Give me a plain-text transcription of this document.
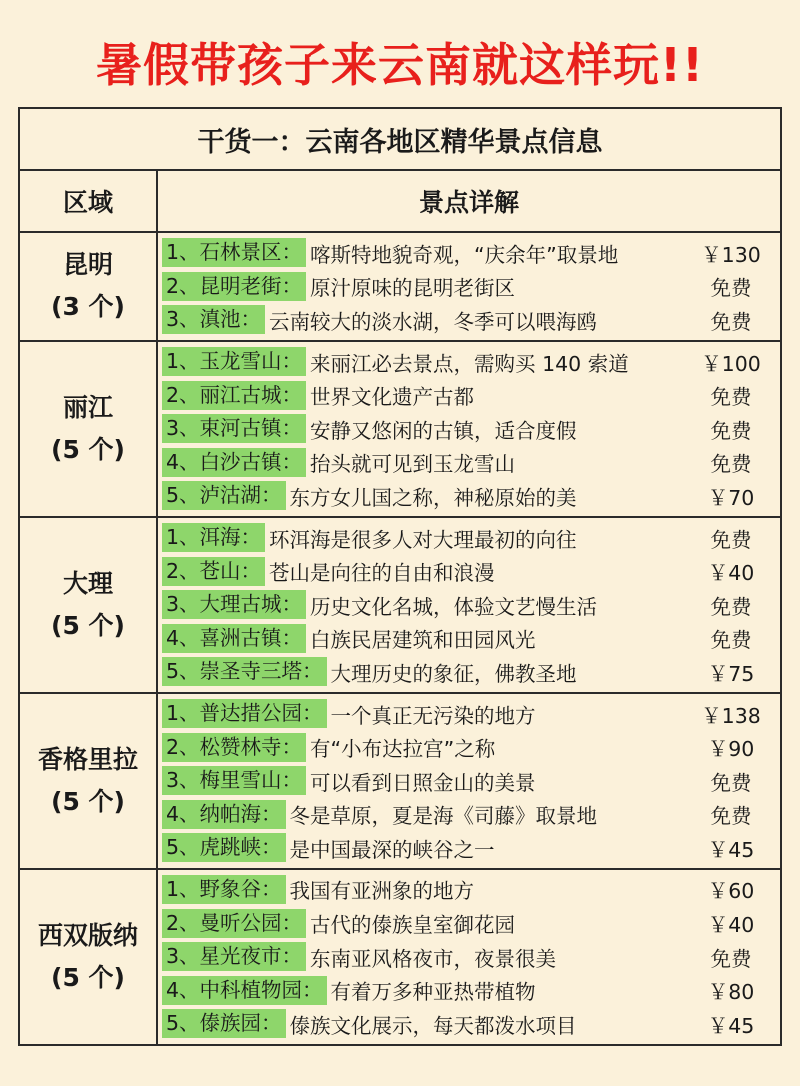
暑假带孩子来云南就这样玩!!
干货一：云南各地区精华景点信息
区域	景点详解
昆明
(3 个)
1、石林景区： 喀斯特地貌奇观，“庆余年”取景地	￥130
2、昆明老街： 原汁原味的昆明老街区	免费
3、滇池： 云南较大的淡水湖，冬季可以喂海鸥	免费
丽江
(5 个)
1、玉龙雪山： 来丽江必去景点，需购买 140 索道	￥100
2、丽江古城： 世界文化遗产古都	免费
3、束河古镇： 安静又悠闲的古镇，适合度假	免费
4、白沙古镇： 抬头就可见到玉龙雪山	免费
5、泸沽湖： 东方女儿国之称，神秘原始的美	￥70
大理
(5 个)
1、洱海： 环洱海是很多人对大理最初的向往	免费
2、苍山： 苍山是向往的自由和浪漫	￥40
3、大理古城： 历史文化名城，体验文艺慢生活	免费
4、喜洲古镇： 白族民居建筑和田园风光	免费
5、崇圣寺三塔： 大理历史的象征，佛教圣地	￥75
香格里拉
(5 个)
1、普达措公园： 一个真正无污染的地方	￥138
2、松赞林寺： 有“小布达拉宫”之称	￥90
3、梅里雪山： 可以看到日照金山的美景	免费
4、纳帕海： 冬是草原，夏是海《司藤》取景地	免费
5、虎跳峡： 是中国最深的峡谷之一	￥45
西双版纳
(5 个)
1、野象谷： 我国有亚洲象的地方	￥60
2、曼听公园： 古代的傣族皇室御花园	￥40
3、星光夜市： 东南亚风格夜市，夜景很美	免费
4、中科植物园： 有着万多种亚热带植物	￥80
5、傣族园： 傣族文化展示，每天都泼水项目	￥45
